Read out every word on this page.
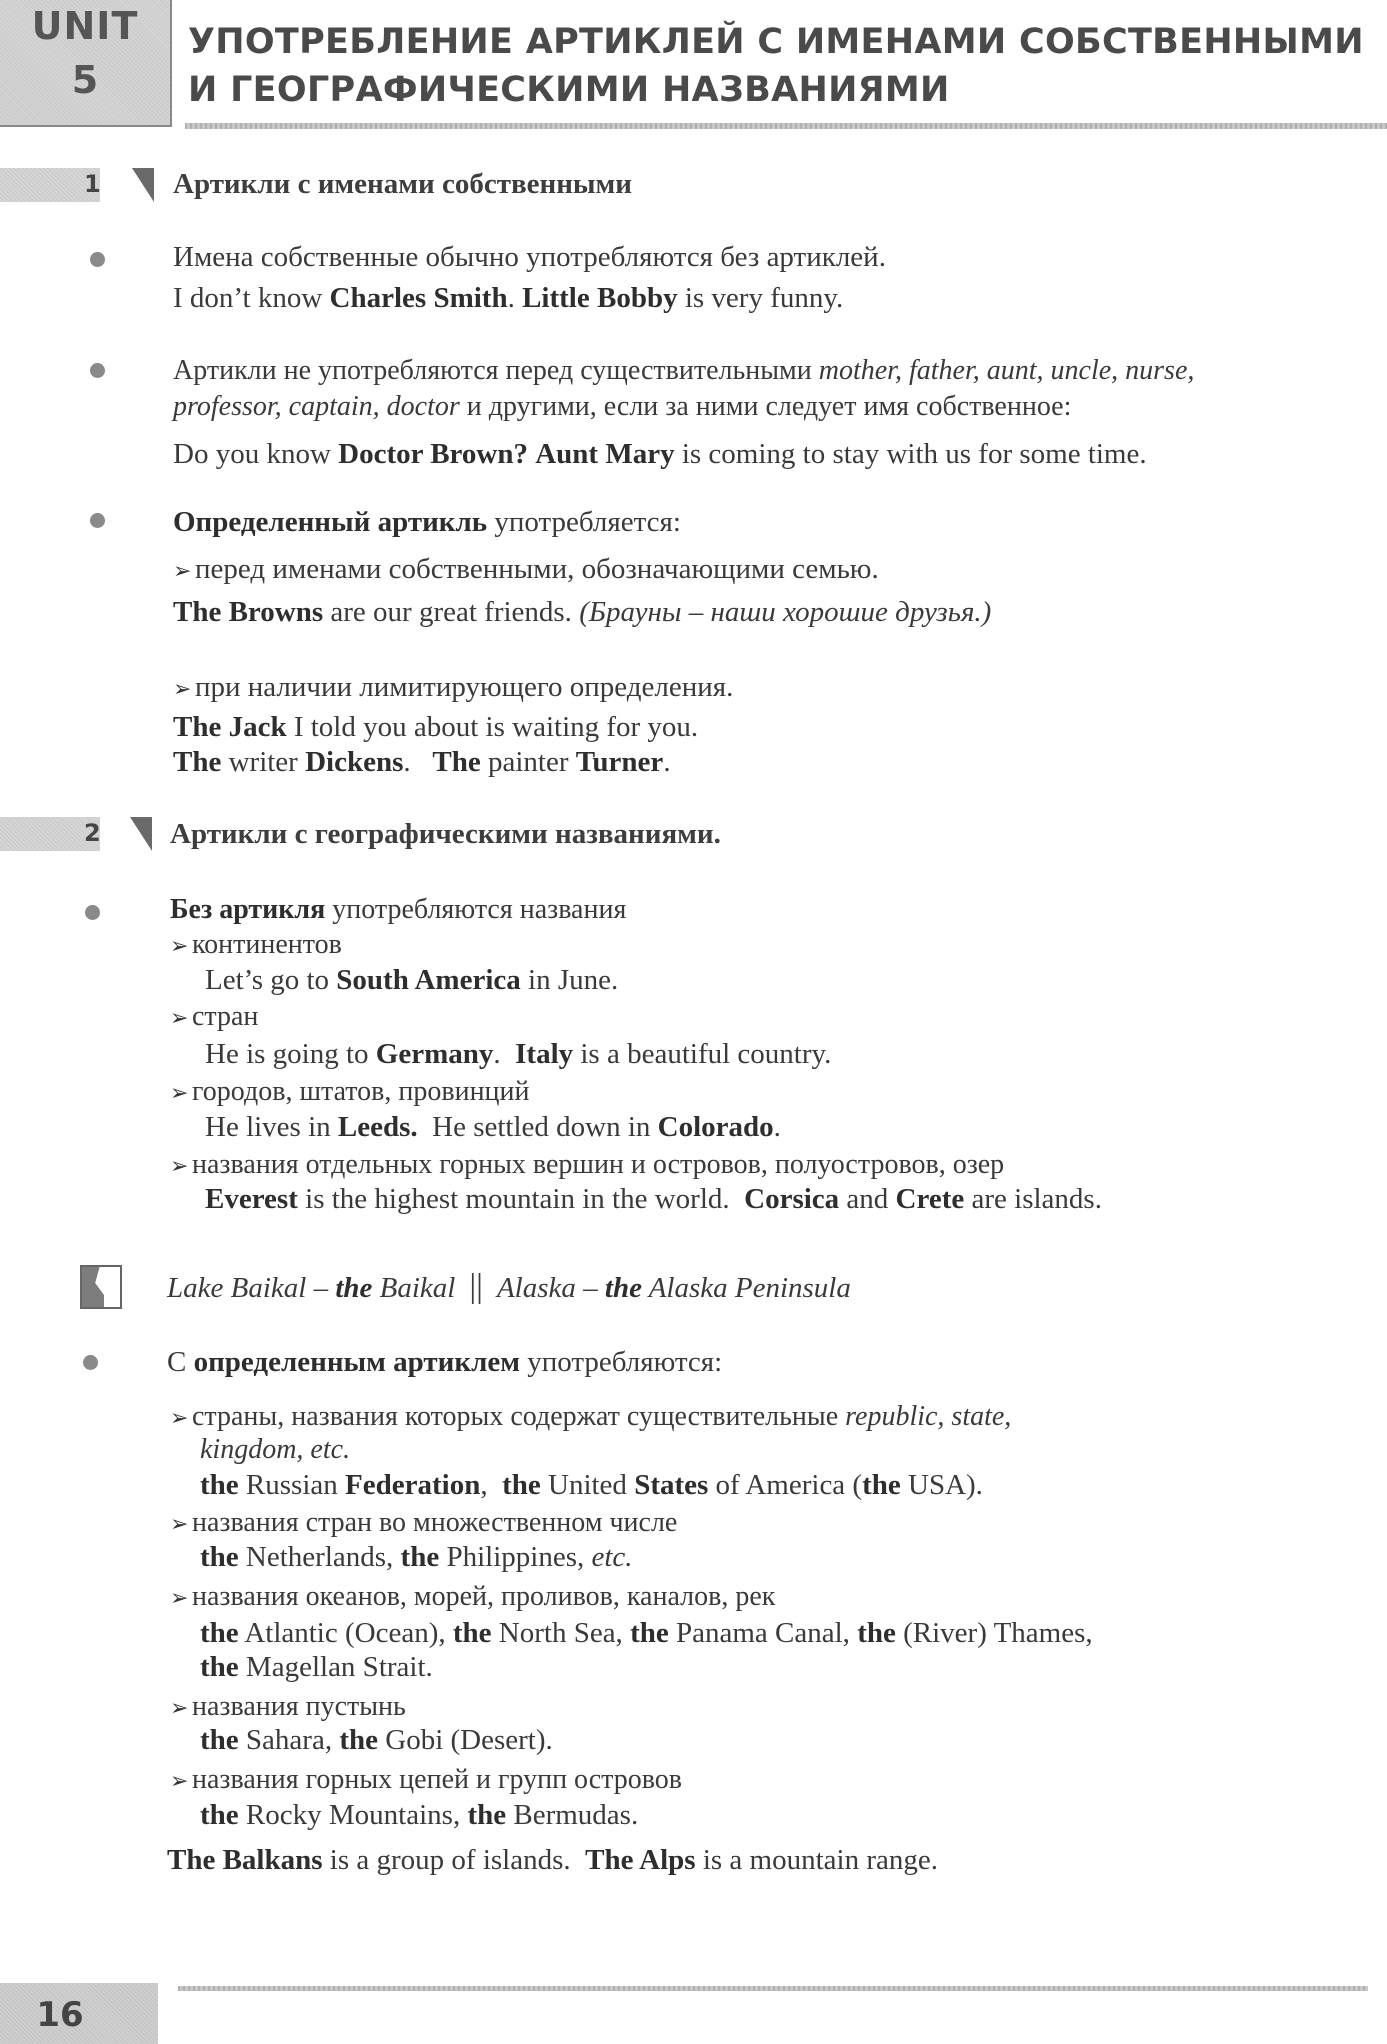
UNIT
5
УПОТРЕБЛЕНИЕ АРТИКЛЕЙ С ИМЕНАМИ СОБСТВЕННЫМИ
И ГЕОГРАФИЧЕСКИМИ НАЗВАНИЯМИ
1 Артикли с именами собственными
Имена собственные обычно употребляются без артиклей.
I don’t know Charles Smith. Little Bobby is very funny.
Артикли не употребляются перед существительными mother, father, aunt, uncle, nurse,
professor, captain, doctor и другими, если за ними следует имя собственное:
Do you know Doctor Brown? Aunt Mary is coming to stay with us for some time.
Определенный артикль употребляется:
➢ перед именами собственными, обозначающими семью.
The Browns are our great friends. (Брауны – наши хорошие друзья.)
➢ при наличии лимитирующего определения.
The Jack I told you about is waiting for you.
The writer Dickens.   The painter Turner.
2 Артикли с географическими названиями.
Без артикля употребляются названия
➢ континентов
Let’s go to South America in June.
➢ стран
He is going to Germany.  Italy is a beautiful country.
➢ городов, штатов, провинций
He lives in Leeds.  He settled down in Colorado.
➢ названия отдельных горных вершин и островов, полуостровов, озер
Everest is the highest mountain in the world.  Corsica and Crete are islands.
Lake Baikal – the Baikal || Alaska – the Alaska Peninsula
С определенным артиклем употребляются:
➢ страны, названия которых содержат существительные republic, state,
kingdom, etc.
the Russian Federation,  the United States of America (the USA).
➢ названия стран во множественном числе
the Netherlands, the Philippines, etc.
➢ названия океанов, морей, проливов, каналов, рек
the Atlantic (Ocean), the North Sea, the Panama Canal, the (River) Thames,
the Magellan Strait.
➢ названия пустынь
the Sahara, the Gobi (Desert).
➢ названия горных цепей и групп островов
the Rocky Mountains, the Bermudas.
The Balkans is a group of islands.  The Alps is a mountain range.
16
